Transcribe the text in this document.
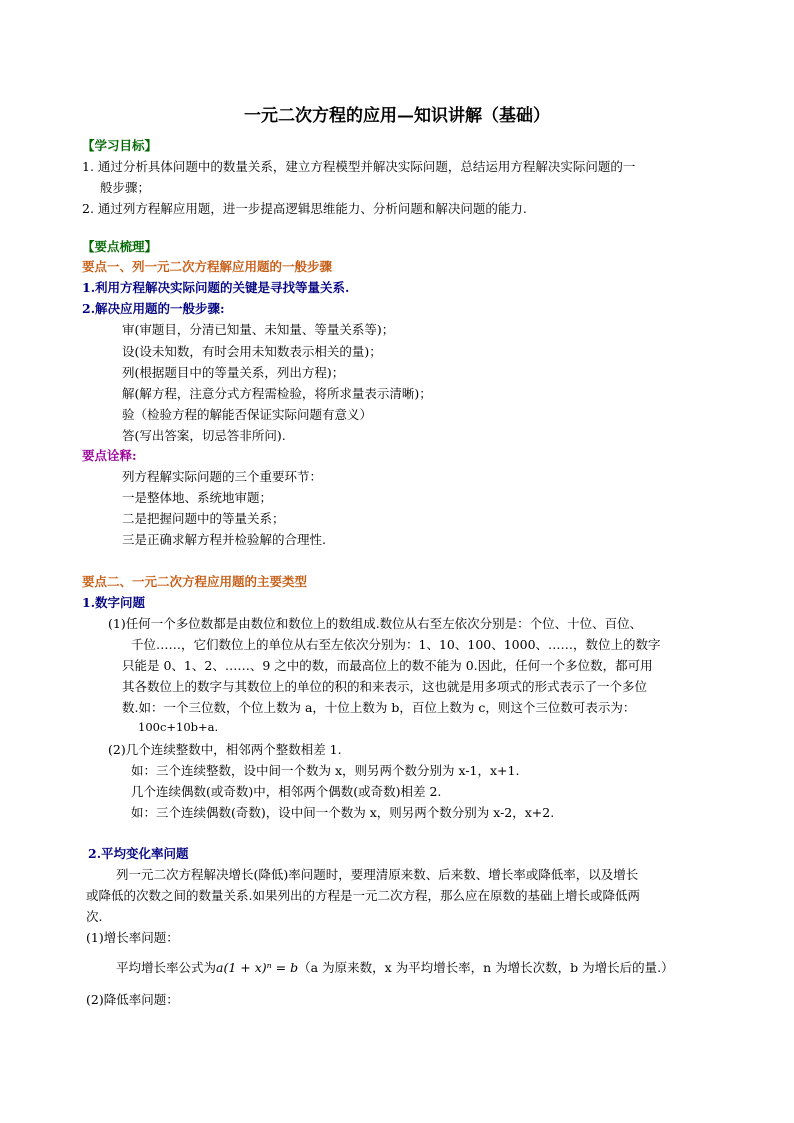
一元二次方程的应用—知识讲解（基础）
【学习目标】
1. 通过分析具体问题中的数量关系，建立方程模型并解决实际问题，总结运用方程解决实际问题的一
般步骤；
2. 通过列方程解应用题，进一步提高逻辑思维能力、分析问题和解决问题的能力.
【要点梳理】
要点一、列一元二次方程解应用题的一般步骤
1.利用方程解决实际问题的关键是寻找等量关系.
2.解决应用题的一般步骤:
审(审题目，分清已知量、未知量、等量关系等)；
设(设未知数，有时会用未知数表示相关的量)；
列(根据题目中的等量关系，列出方程)；
解(解方程，注意分式方程需检验，将所求量表示清晰)；
验（检验方程的解能否保证实际问题有意义）
答(写出答案，切忌答非所问).
要点诠释:
列方程解实际问题的三个重要环节：
一是整体地、系统地审题；
二是把握问题中的等量关系；
三是正确求解方程并检验解的合理性.
要点二、一元二次方程应用题的主要类型
1.数字问题
(1)任何一个多位数都是由数位和数位上的数组成.数位从右至左依次分别是：个位、十位、百位、
千位……，它们数位上的单位从右至左依次分别为：1、10、100、1000、……，数位上的数字
只能是 0、1、2、……、9 之中的数，而最高位上的数不能为 0.因此，任何一个多位数，都可用
其各数位上的数字与其数位上的单位的积的和来表示，这也就是用多项式的形式表示了一个多位
数.如：一个三位数，个位上数为 a，十位上数为 b，百位上数为 c，则这个三位数可表示为：
100c+10b+a.
(2)几个连续整数中，相邻两个整数相差 1.
如：三个连续整数，设中间一个数为 x，则另两个数分别为 x-1，x+1.
几个连续偶数(或奇数)中，相邻两个偶数(或奇数)相差 2.
如：三个连续偶数(奇数)，设中间一个数为 x，则另两个数分别为 x-2，x+2.
2.平均变化率问题
列一元二次方程解决增长(降低)率问题时，要理清原来数、后来数、增长率或降低率，以及增长
或降低的次数之间的数量关系.如果列出的方程是一元二次方程，那么应在原数的基础上增长或降低两
次.
(1)增长率问题：
平均增长率公式为a(1 + x)ⁿ = b（a 为原来数，x 为平均增长率，n 为增长次数，b 为增长后的量.）
(2)降低率问题：
